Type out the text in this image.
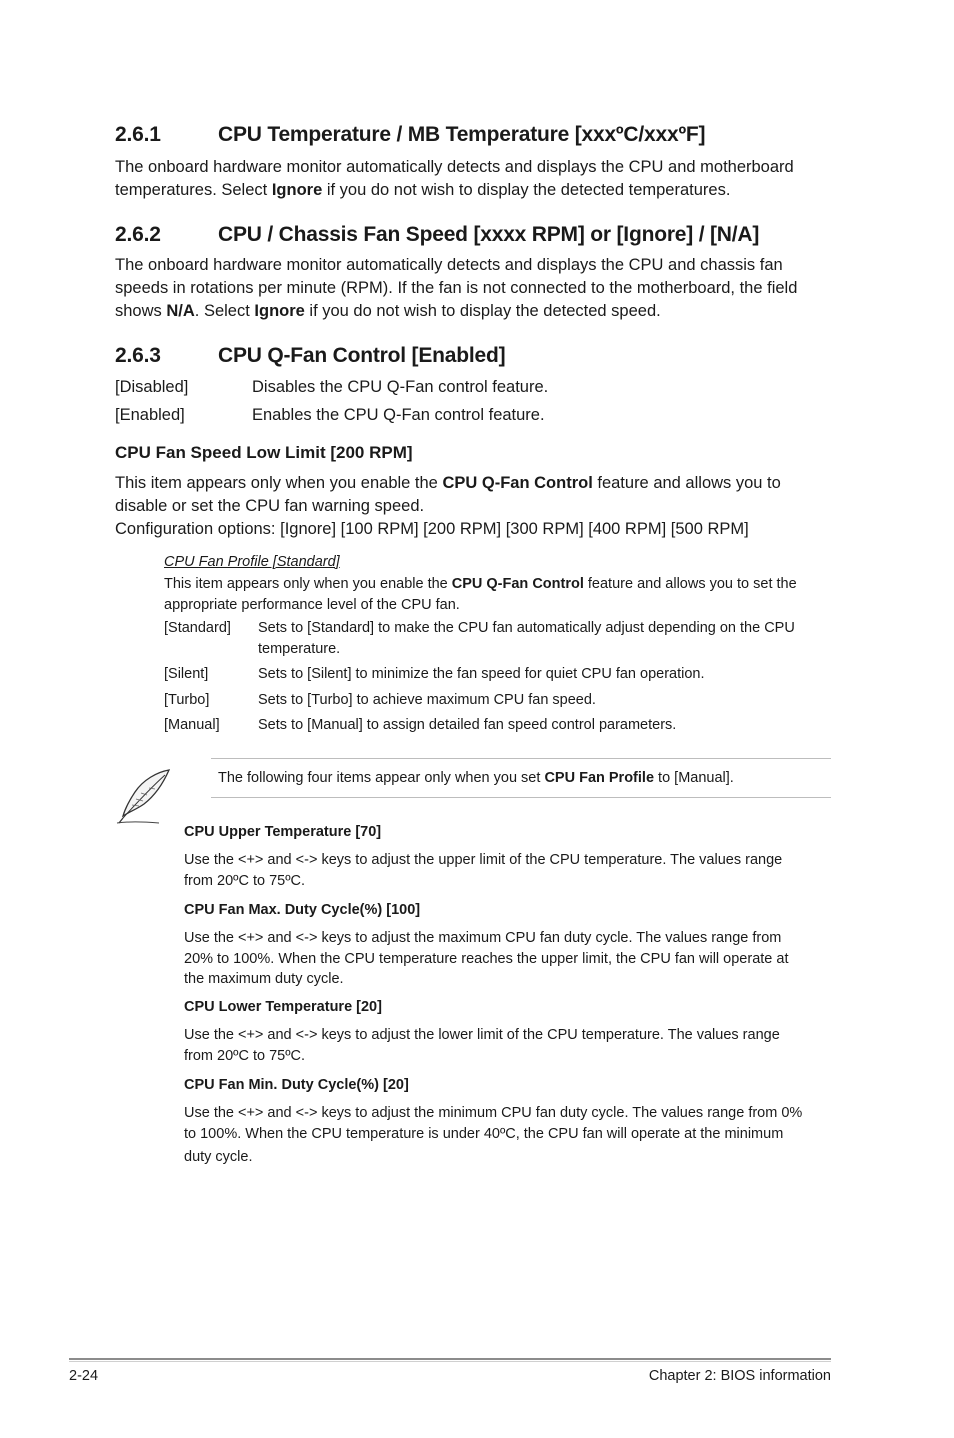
2.6.1	CPU Temperature / MB Temperature [xxxºC/xxxºF]
The onboard hardware monitor automatically detects and displays the CPU and motherboard
temperatures. Select Ignore if you do not wish to display the detected temperatures.
2.6.2	CPU / Chassis Fan Speed [xxxx RPM] or [Ignore] / [N/A]
The onboard hardware monitor automatically detects and displays the CPU and chassis fan
speeds in rotations per minute (RPM). If the fan is not connected to the motherboard, the field
shows N/A. Select Ignore if you do not wish to display the detected speed.
2.6.3	CPU Q-Fan Control [Enabled]
[Disabled]	Disables the CPU Q-Fan control feature.
[Enabled]	Enables the CPU Q-Fan control feature.
CPU Fan Speed Low Limit [200 RPM]
This item appears only when you enable the CPU Q-Fan Control feature and allows you to
disable or set the CPU fan warning speed.
Configuration options: [Ignore] [100 RPM] [200 RPM] [300 RPM] [400 RPM] [500 RPM]
CPU Fan Profile [Standard]
This item appears only when you enable the CPU Q-Fan Control feature and allows you to set the
appropriate performance level of the CPU fan.
[Standard] Sets to [Standard] to make the CPU fan automatically adjust depending on the CPU temperature.
[Silent]	Sets to [Silent] to minimize the fan speed for quiet CPU fan operation.
[Turbo]	Sets to [Turbo] to achieve maximum CPU fan speed.
[Manual]	Sets to [Manual] to assign detailed fan speed control parameters.
The following four items appear only when you set CPU Fan Profile to [Manual].
CPU Upper Temperature [70]
Use the <+> and <-> keys to adjust the upper limit of the CPU temperature. The values range
from 20ºC to 75ºC.
CPU Fan Max. Duty Cycle(%) [100]
Use the <+> and <-> keys to adjust the maximum CPU fan duty cycle. The values range from
20% to 100%. When the CPU temperature reaches the upper limit, the CPU fan will operate at
the maximum duty cycle.
CPU Lower Temperature [20]
Use the <+> and <-> keys to adjust the lower limit of the CPU temperature. The values range
from 20ºC to 75ºC.
CPU Fan Min. Duty Cycle(%) [20]
Use the <+> and <-> keys to adjust the minimum CPU fan duty cycle. The values range from 0%
to 100%. When the CPU temperature is under 40ºC, the CPU fan will operate at the minimum
duty cycle.
2-24	Chapter 2: BIOS information
